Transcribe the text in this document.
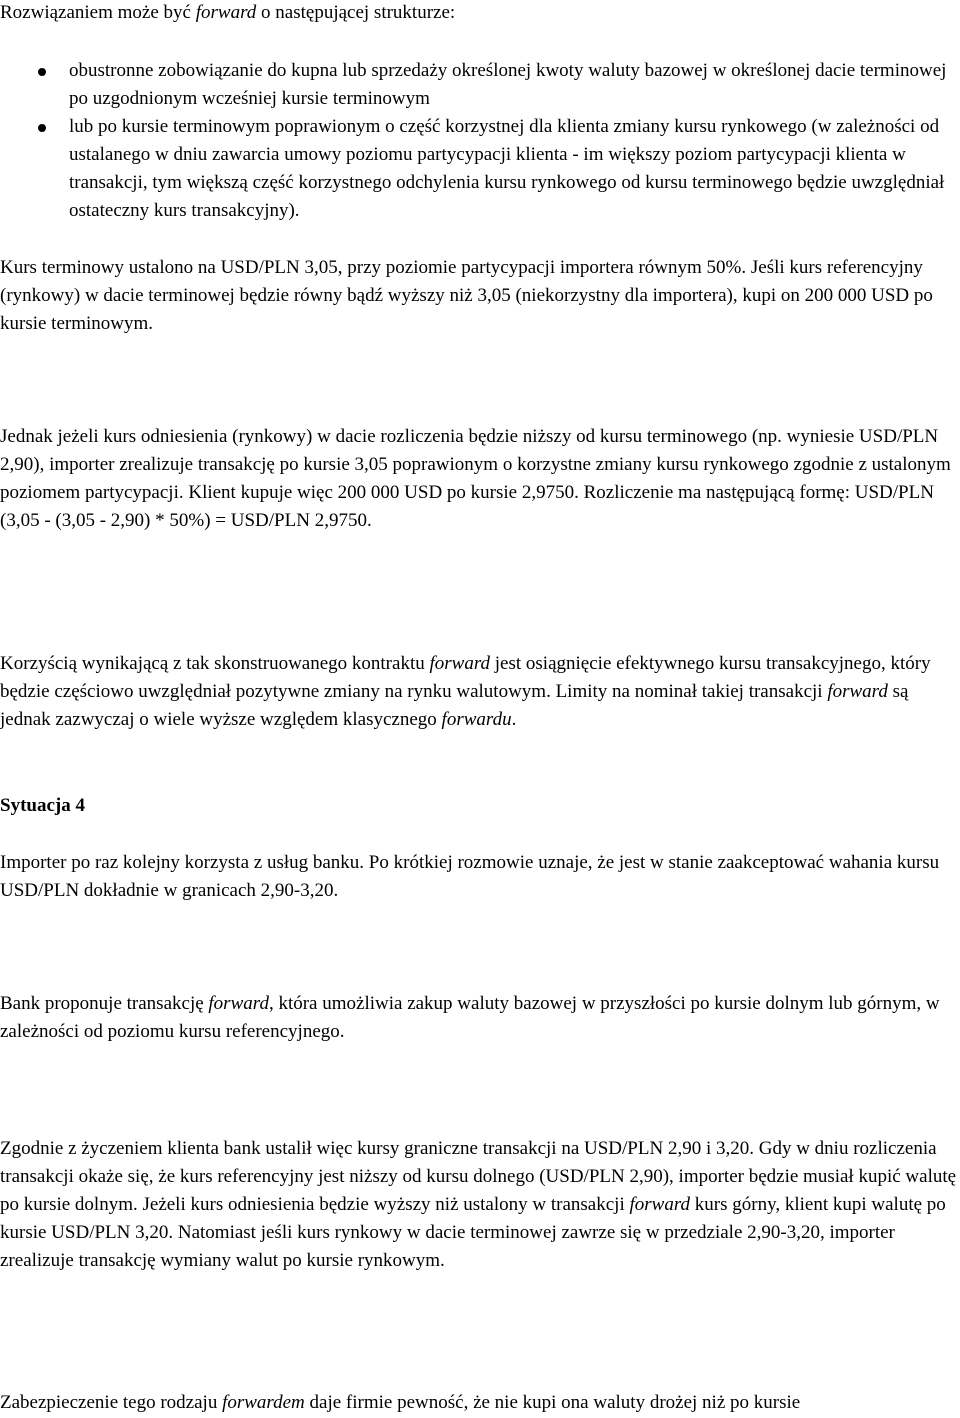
Rozwiązaniem może być forward o następującej strukturze:

obustronne zobowiązanie do kupna lub sprzedaży określonej kwoty waluty bazowej w określonej dacie terminowej po uzgodnionym wcześniej kursie terminowym
lub po kursie terminowym poprawionym o część korzystnej dla klienta zmiany kursu rynkowego (w zależności od ustalanego w dniu zawarcia umowy poziomu partycypacji klienta - im większy poziom partycypacji klienta w transakcji, tym większą część korzystnego odchylenia kursu rynkowego od kursu terminowego będzie uwzględniał ostateczny kurs transakcyjny).

Kurs terminowy ustalono na USD/PLN 3,05, przy poziomie partycypacji importera równym 50%. Jeśli kurs referencyjny (rynkowy) w dacie terminowej będzie równy bądź wyższy niż 3,05 (niekorzystny dla importera), kupi on 200 000 USD po kursie terminowym.

Jednak jeżeli kurs odniesienia (rynkowy) w dacie rozliczenia będzie niższy od kursu terminowego (np. wyniesie USD/PLN 2,90), importer zrealizuje transakcję po kursie 3,05 poprawionym o korzystne zmiany kursu rynkowego zgodnie z ustalonym poziomem partycypacji. Klient kupuje więc 200 000 USD po kursie 2,9750. Rozliczenie ma następującą formę: USD/PLN (3,05 - (3,05 - 2,90) * 50%) = USD/PLN 2,9750.

Korzyścią wynikającą z tak skonstruowanego kontraktu forward jest osiągnięcie efektywnego kursu transakcyjnego, który będzie częściowo uwzględniał pozytywne zmiany na rynku walutowym. Limity na nominał takiej transakcji forward są jednak zazwyczaj o wiele wyższe względem klasycznego forwardu.

Sytuacja 4

Importer po raz kolejny korzysta z usług banku. Po krótkiej rozmowie uznaje, że jest w stanie zaakceptować wahania kursu USD/PLN dokładnie w granicach 2,90-3,20.

Bank proponuje transakcję forward, która umożliwia zakup waluty bazowej w przyszłości po kursie dolnym lub górnym, w zależności od poziomu kursu referencyjnego.

Zgodnie z życzeniem klienta bank ustalił więc kursy graniczne transakcji na USD/PLN 2,90 i 3,20. Gdy w dniu rozliczenia transakcji okaże się, że kurs referencyjny jest niższy od kursu dolnego (USD/PLN 2,90), importer będzie musiał kupić walutę po kursie dolnym. Jeżeli kurs odniesienia będzie wyższy niż ustalony w transakcji forward kurs górny, klient kupi walutę po kursie USD/PLN 3,20. Natomiast jeśli kurs rynkowy w dacie terminowej zawrze się w przedziale 2,90-3,20, importer zrealizuje transakcję wymiany walut po kursie rynkowym.

Zabezpieczenie tego rodzaju forwardem daje firmie pewność, że nie kupi ona waluty drożej niż po kursie
